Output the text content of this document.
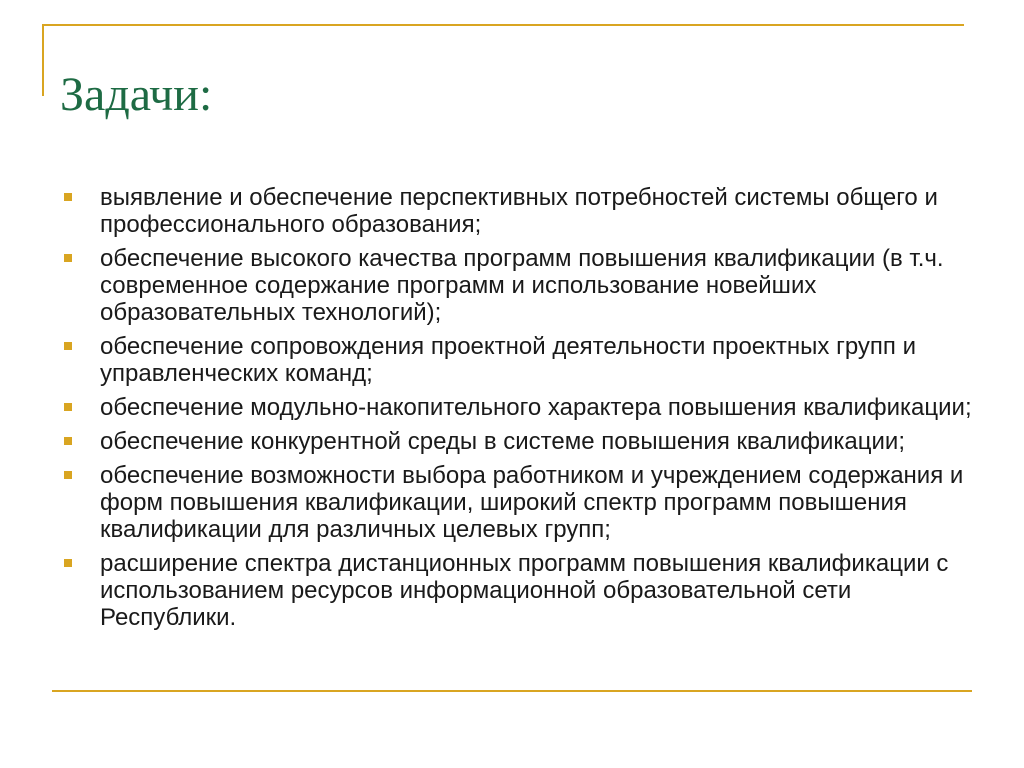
Задачи:
выявление и обеспечение перспективных потребностей системы общего и профессионального образования;
обеспечение высокого качества программ повышения квалификации (в т.ч. современное содержание программ и использование новейших образовательных технологий);
обеспечение сопровождения проектной деятельности проектных групп и управленческих команд;
обеспечение модульно-накопительного характера повышения квалификации;
обеспечение конкурентной среды в системе повышения квалификации;
обеспечение возможности выбора работником и учреждением содержания и форм повышения квалификации, широкий спектр программ повышения квалификации для различных целевых групп;
расширение спектра дистанционных программ повышения квалификации с использованием ресурсов информационной образовательной сети Республики.
